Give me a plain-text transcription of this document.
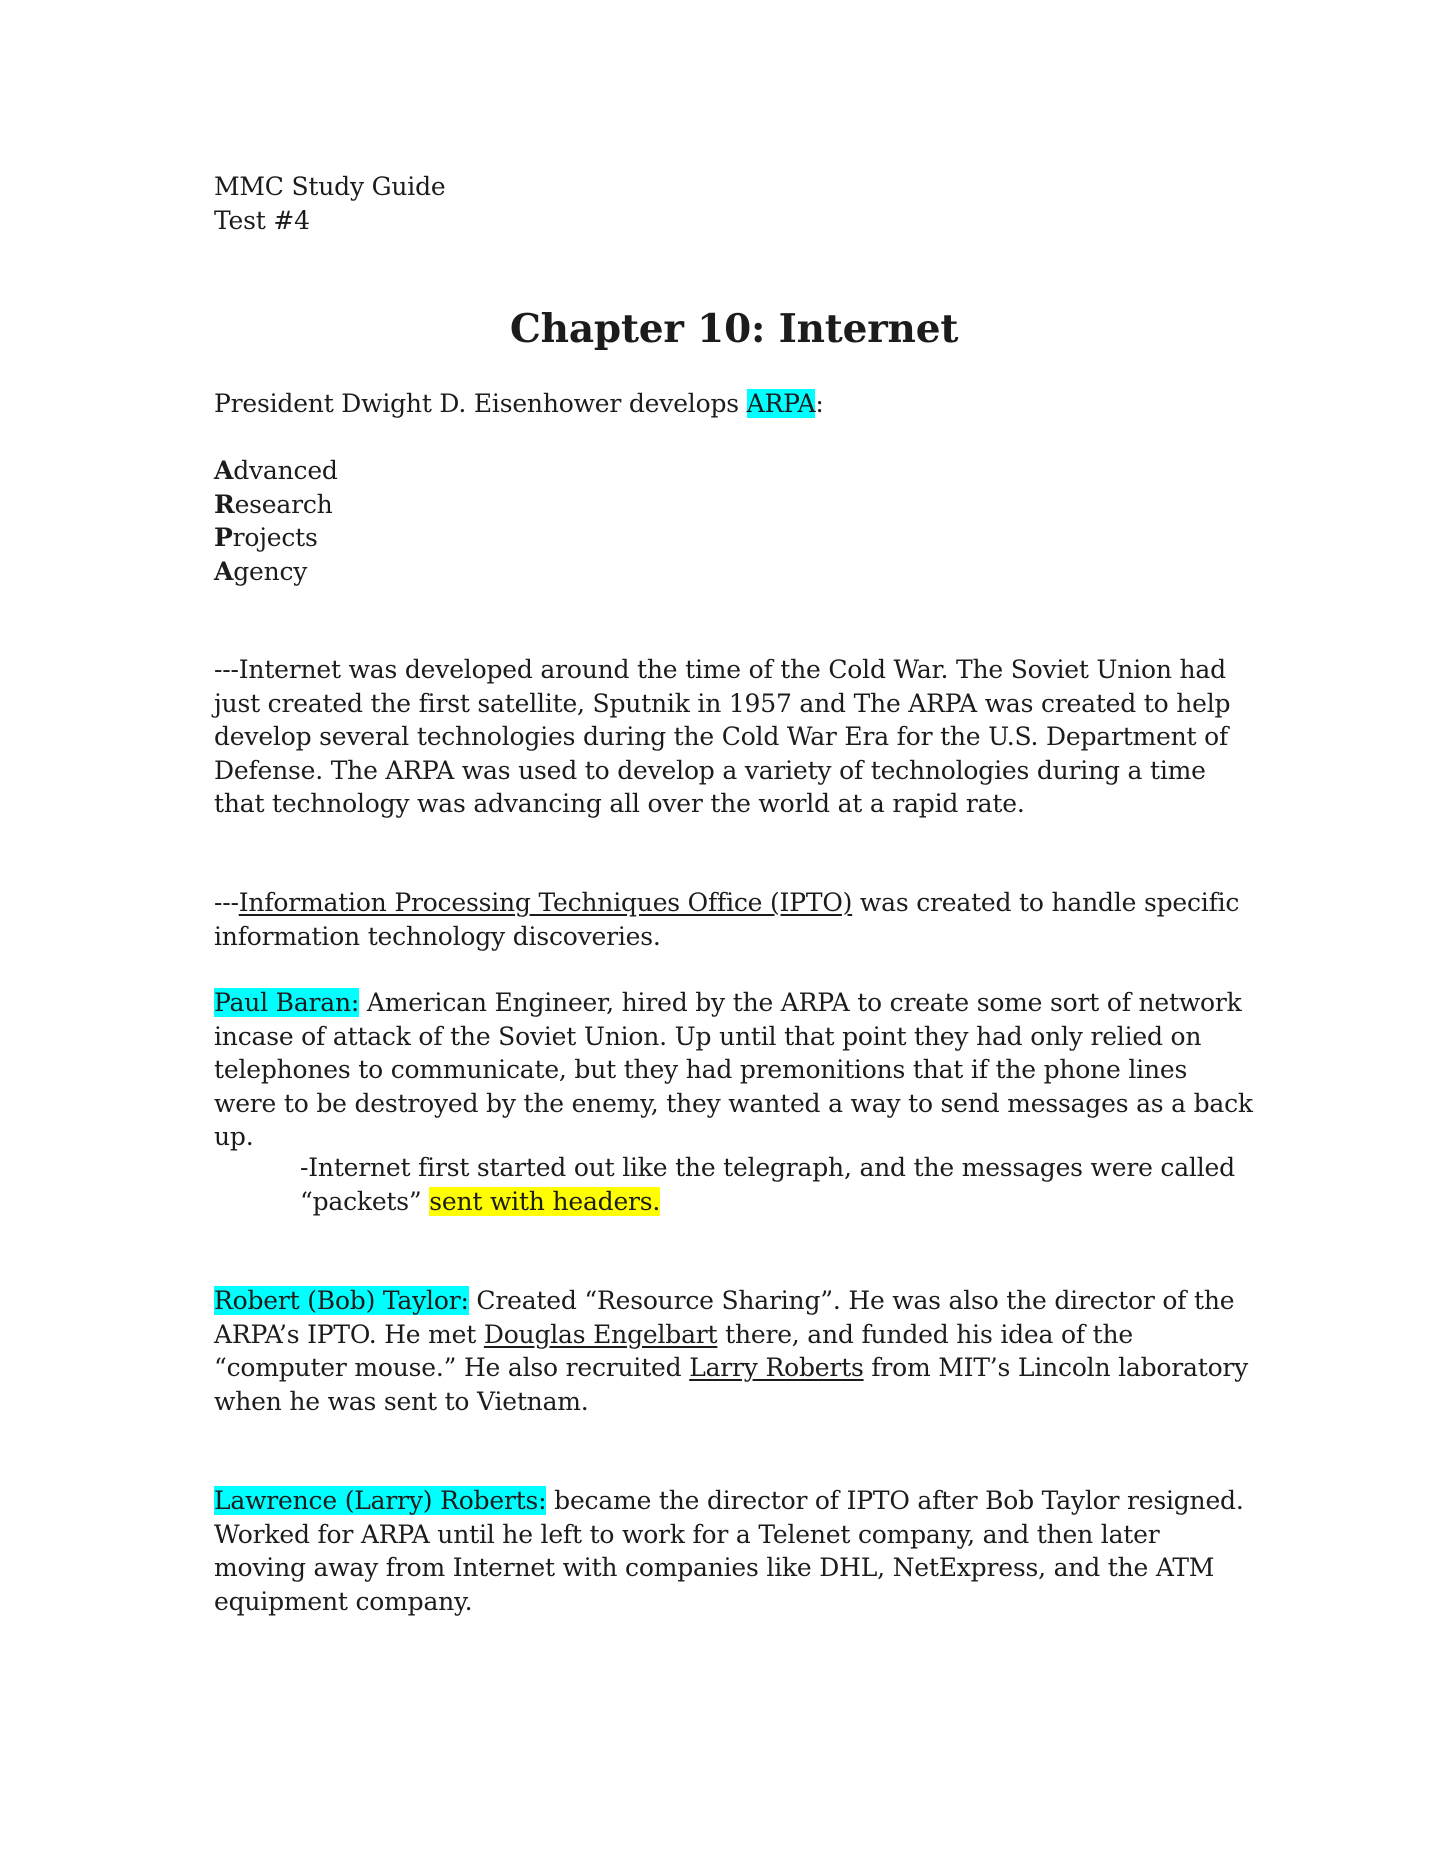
MMC Study Guide
Test #4
Chapter 10: Internet

President Dwight D. Eisenhower develops ARPA:

Advanced
Research
Projects
Agency

---Internet was developed around the time of the Cold War. The Soviet Union had just created the first satellite, Sputnik in 1957 and The ARPA was created to help develop several technologies during the Cold War Era for the U.S. Department of Defense. The ARPA was used to develop a variety of technologies during a time that technology was advancing all over the world at a rapid rate.

---Information Processing Techniques Office (IPTO) was created to handle specific information technology discoveries.

Paul Baran: American Engineer, hired by the ARPA to create some sort of network incase of attack of the Soviet Union. Up until that point they had only relied on telephones to communicate, but they had premonitions that if the phone lines were to be destroyed by the enemy, they wanted a way to send messages as a back up.

-Internet first started out like the telegraph, and the messages were called “packets” sent with headers.

Robert (Bob) Taylor: Created “Resource Sharing”. He was also the director of the ARPA’s IPTO. He met Douglas Engelbart there, and funded his idea of the “computer mouse.” He also recruited Larry Roberts from MIT’s Lincoln laboratory when he was sent to Vietnam.

Lawrence (Larry) Roberts: became the director of IPTO after Bob Taylor resigned. Worked for ARPA until he left to work for a Telenet company, and then later moving away from Internet with companies like DHL, NetExpress, and the ATM equipment company.
